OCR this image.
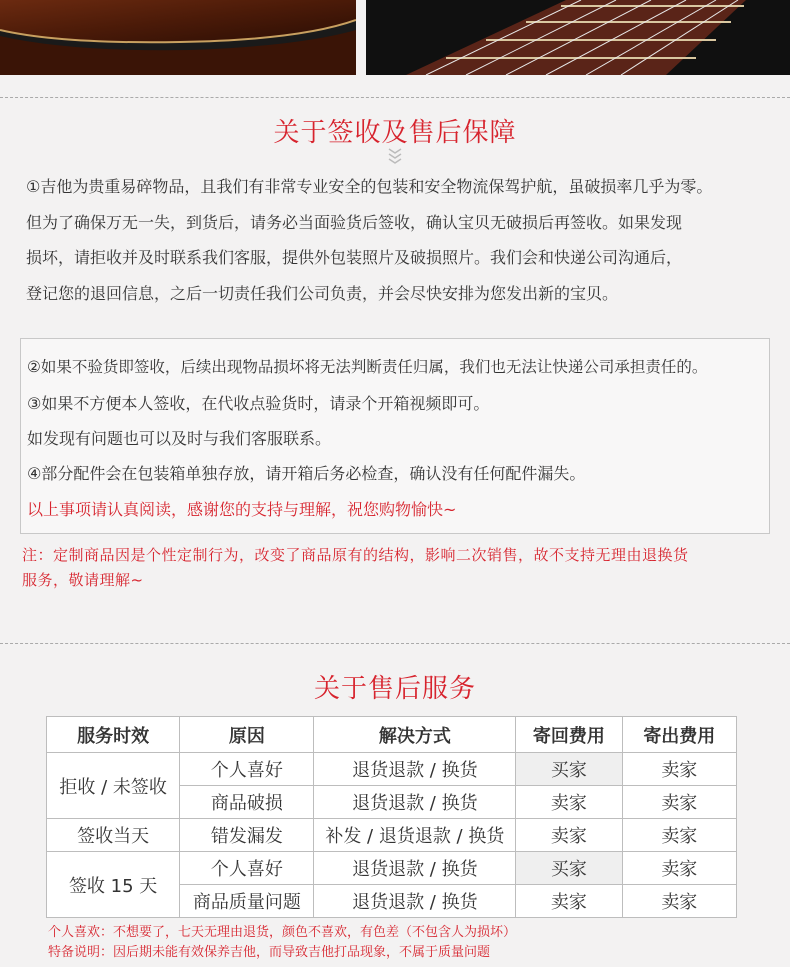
关于签收及售后保障
①吉他为贵重易碎物品，且我们有非常专业安全的包装和安全物流保驾护航，虽破损率几乎为零。
但为了确保万无一失，到货后，请务必当面验货后签收，确认宝贝无破损后再签收。如果发现
损坏，请拒收并及时联系我们客服，提供外包装照片及破损照片。我们会和快递公司沟通后，
登记您的退回信息，之后一切责任我们公司负责，并会尽快安排为您发出新的宝贝。
②如果不验货即签收，后续出现物品损坏将无法判断责任归属，我们也无法让快递公司承担责任的。
③如果不方便本人签收，在代收点验货时，请录个开箱视频即可。
如发现有问题也可以及时与我们客服联系。
④部分配件会在包装箱单独存放，请开箱后务必检查，确认没有任何配件漏失。
以上事项请认真阅读，感谢您的支持与理解，祝您购物愉快~
注：定制商品因是个性定制行为，改变了商品原有的结构，影响二次销售，故不支持无理由退换货
服务，敬请理解~
关于售后服务
服务时效	原因	解决方式	寄回费用	寄出费用
拒收 / 未签收	个人喜好	退货退款 / 换货	买家	卖家
	商品破损	退货退款 / 换货	卖家	卖家
签收当天	错发漏发	补发 / 退货退款 / 换货	卖家	卖家
签收 15 天	个人喜好	退货退款 / 换货	买家	卖家
	商品质量问题	退货退款 / 换货	卖家	卖家
个人喜欢：不想要了，七天无理由退货，颜色不喜欢，有色差（不包含人为损坏）
特备说明：因后期未能有效保养吉他，而导致吉他打品现象，不属于质量问题
